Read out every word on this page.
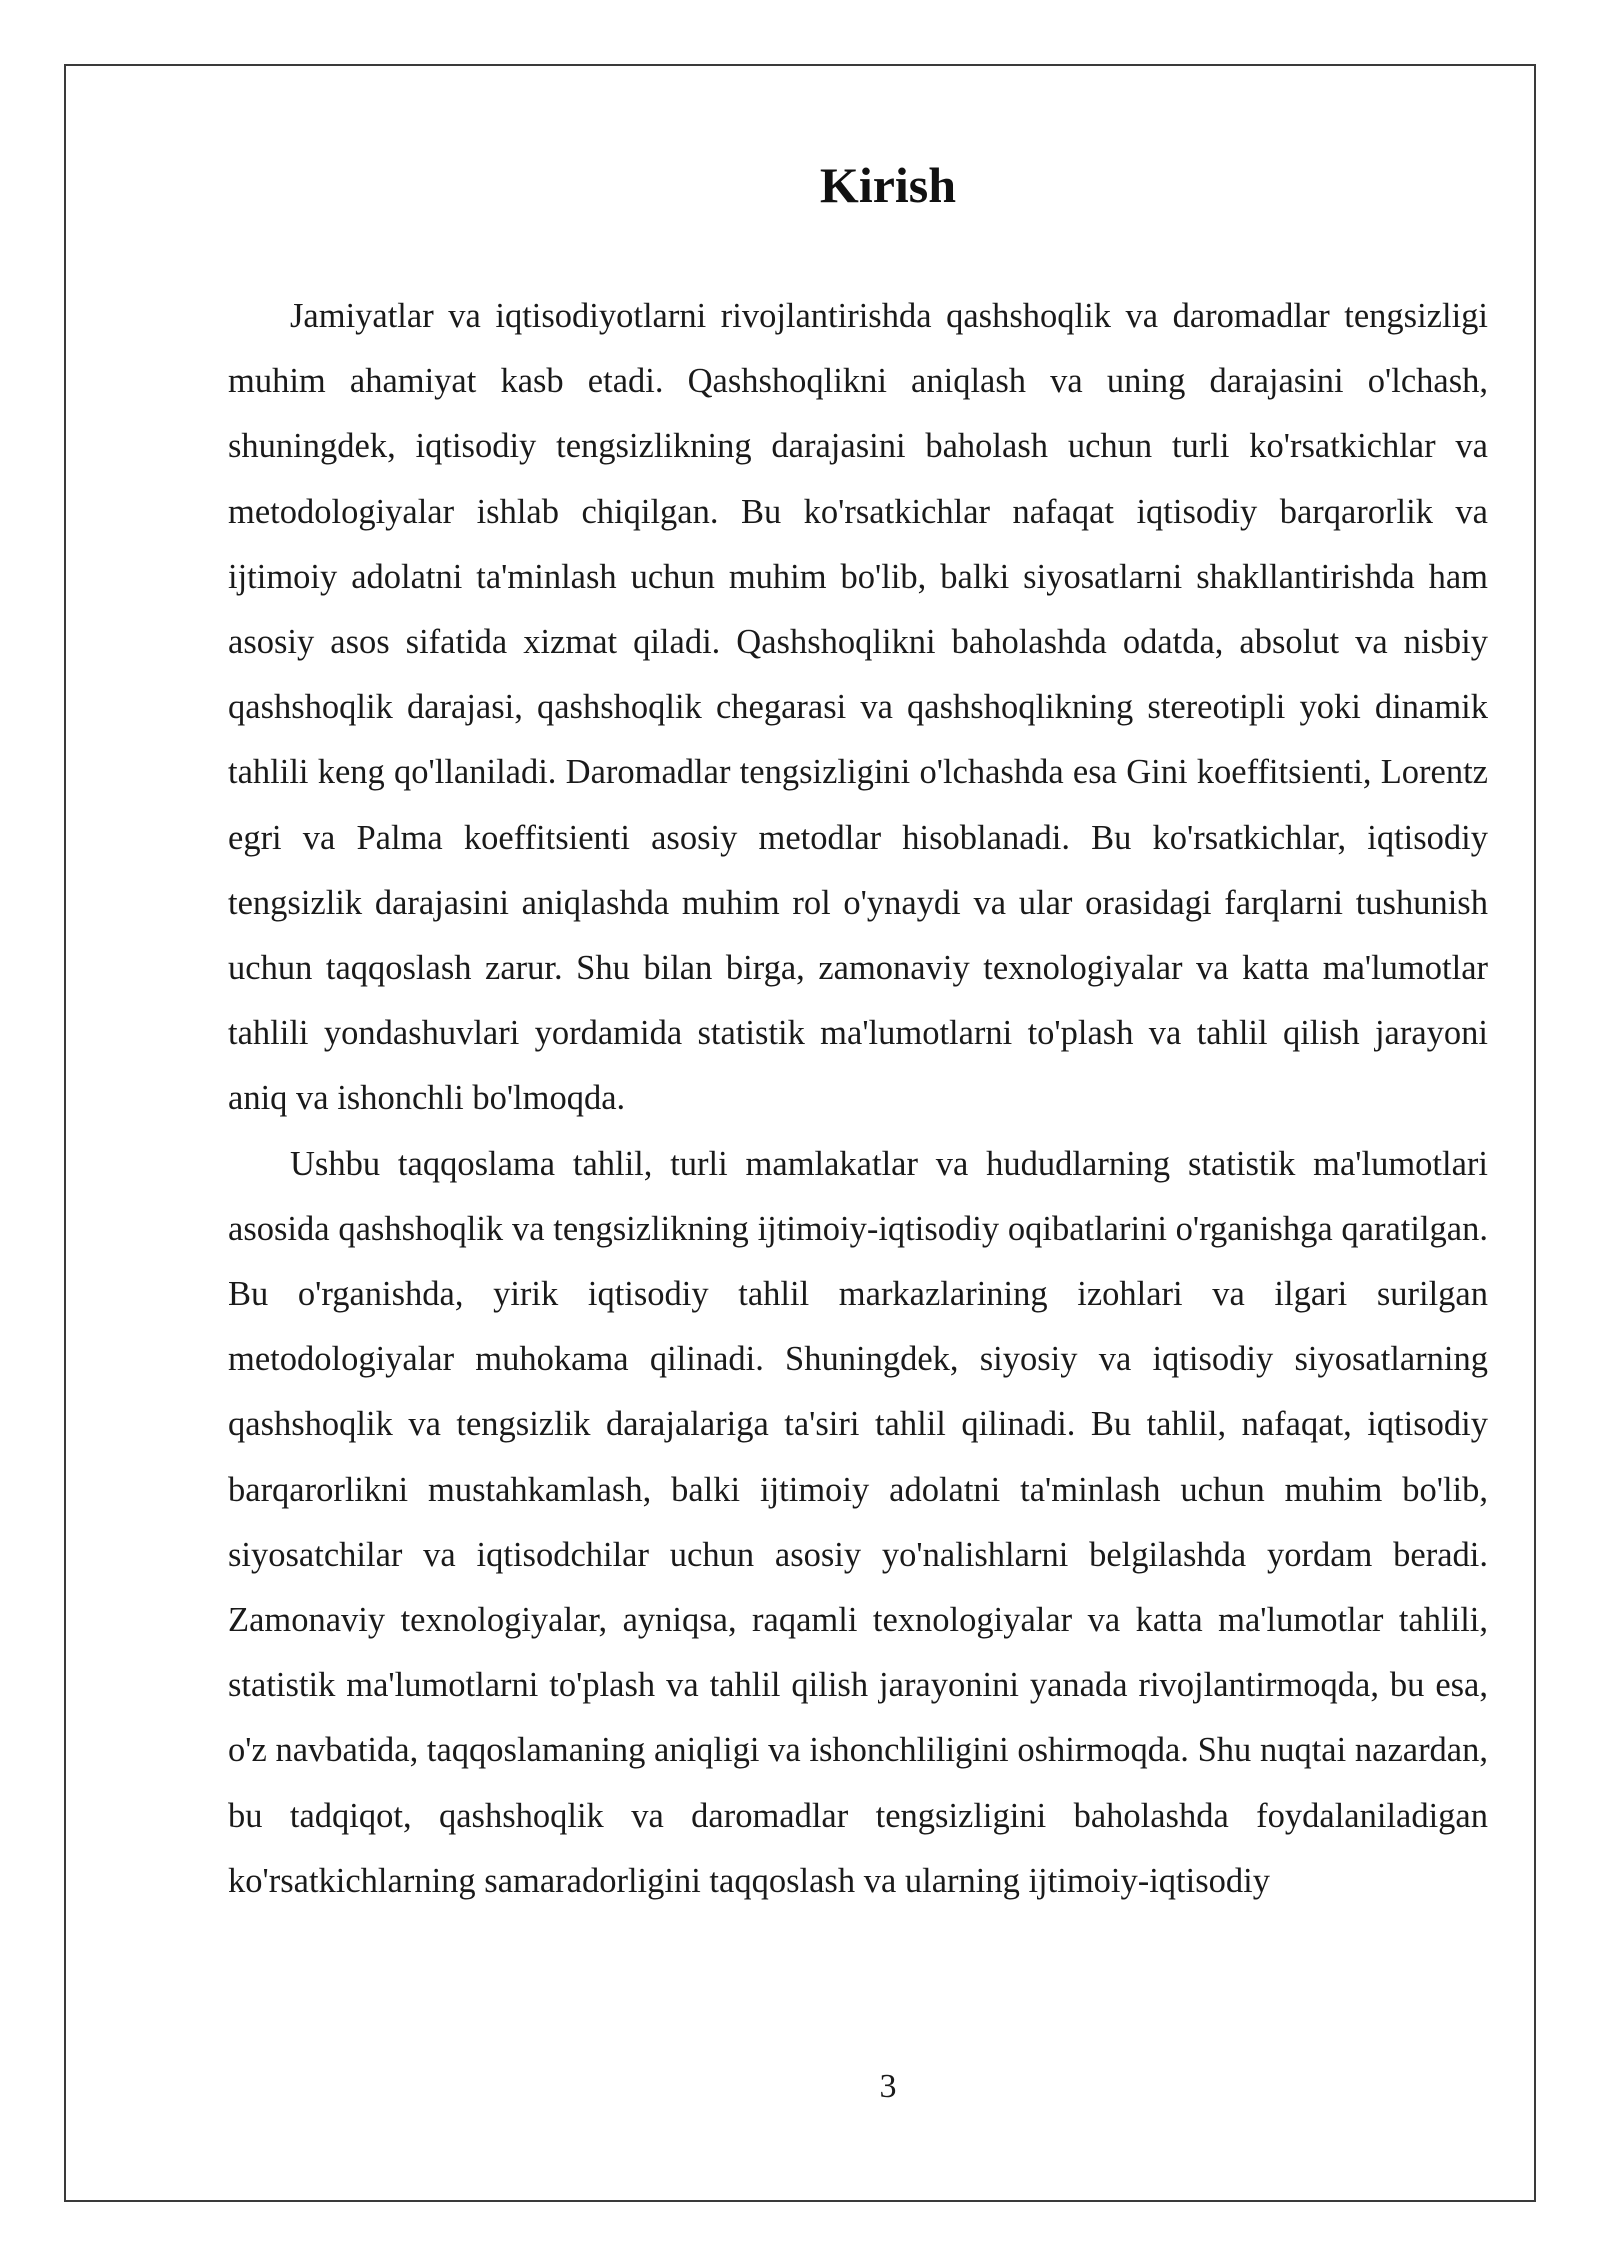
Kirish

Jamiyatlar va iqtisodiyotlarni rivojlantirishda qashshoqlik va daromadlar tengsizligi muhim ahamiyat kasb etadi. Qashshoqlikni aniqlash va uning darajasini o'lchash, shuningdek, iqtisodiy tengsizlikning darajasini baholash uchun turli ko'rsatkichlar va metodologiyalar ishlab chiqilgan. Bu ko'rsatkichlar nafaqat iqtisodiy barqarorlik va ijtimoiy adolatni ta'minlash uchun muhim bo'lib, balki siyosatlarni shakllantirishda ham asosiy asos sifatida xizmat qiladi. Qashshoqlikni baholashda odatda, absolut va nisbiy qashshoqlik darajasi, qashshoqlik chegarasi va qashshoqlikning stereotipli yoki dinamik tahlili keng qo'llaniladi. Daromadlar tengsizligini o'lchashda esa Gini koeffitsienti, Lorentz egri va Palma koeffitsienti asosiy metodlar hisoblanadi. Bu ko'rsatkichlar, iqtisodiy tengsizlik darajasini aniqlashda muhim rol o'ynaydi va ular orasidagi farqlarni tushunish uchun taqqoslash zarur. Shu bilan birga, zamonaviy texnologiyalar va katta ma'lumotlar tahlili yondashuvlari yordamida statistik ma'lumotlarni to'plash va tahlil qilish jarayoni aniq va ishonchli bo'lmoqda.

Ushbu taqqoslama tahlil, turli mamlakatlar va hududlarning statistik ma'lumotlari asosida qashshoqlik va tengsizlikning ijtimoiy-iqtisodiy oqibatlarini o'rganishga qaratilgan. Bu o'rganishda, yirik iqtisodiy tahlil markazlarining izohlari va ilgari surilgan metodologiyalar muhokama qilinadi. Shuningdek, siyosiy va iqtisodiy siyosatlarning qashshoqlik va tengsizlik darajalariga ta'siri tahlil qilinadi. Bu tahlil, nafaqat, iqtisodiy barqarorlikni mustahkamlash, balki ijtimoiy adolatni ta'minlash uchun muhim bo'lib, siyosatchilar va iqtisodchilar uchun asosiy yo'nalishlarni belgilashda yordam beradi. Zamonaviy texnologiyalar, ayniqsa, raqamli texnologiyalar va katta ma'lumotlar tahlili, statistik ma'lumotlarni to'plash va tahlil qilish jarayonini yanada rivojlantirmoqda, bu esa, o'z navbatida, taqqoslamaning aniqligi va ishonchliligini oshirmoqda. Shu nuqtai nazardan, bu tadqiqot, qashshoqlik va daromadlar tengsizligini baholashda foydalaniladigan ko'rsatkichlarning samaradorligini taqqoslash va ularning ijtimoiy-iqtisodiy

3
